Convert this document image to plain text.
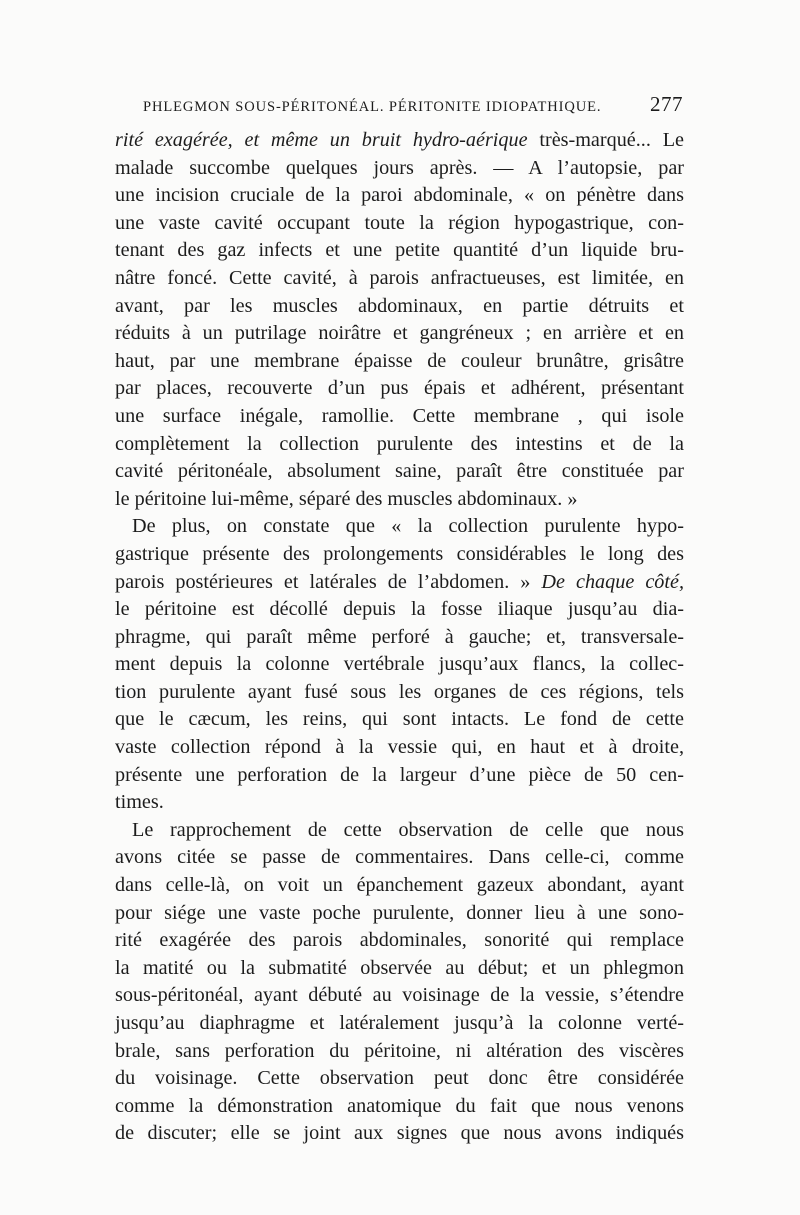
PHLEGMON SOUS-PÉRITONÉAL. PÉRITONITE IDIOPATHIQUE. 277
rité exagérée, et même un bruit hydro-aérique très-marqué... Le
malade succombe quelques jours après. — A l’autopsie, par
une incision cruciale de la paroi abdominale, « on pénètre dans
une vaste cavité occupant toute la région hypogastrique, con-
tenant des gaz infects et une petite quantité d’un liquide bru-
nâtre foncé. Cette cavité, à parois anfractueuses, est limitée, en
avant, par les muscles abdominaux, en partie détruits et
réduits à un putrilage noirâtre et gangréneux ; en arrière et en
haut, par une membrane épaisse de couleur brunâtre, grisâtre
par places, recouverte d’un pus épais et adhérent, présentant
une surface inégale, ramollie. Cette membrane , qui isole
complètement la collection purulente des intestins et de la
cavité péritonéale, absolument saine, paraît être constituée par
le péritoine lui-même, séparé des muscles abdominaux. »
De plus, on constate que « la collection purulente hypo-
gastrique présente des prolongements considérables le long des
parois postérieures et latérales de l’abdomen. » De chaque côté,
le péritoine est décollé depuis la fosse iliaque jusqu’au dia-
phragme, qui paraît même perforé à gauche; et, transversale-
ment depuis la colonne vertébrale jusqu’aux flancs, la collec-
tion purulente ayant fusé sous les organes de ces régions, tels
que le cæcum, les reins, qui sont intacts. Le fond de cette
vaste collection répond à la vessie qui, en haut et à droite,
présente une perforation de la largeur d’une pièce de 50 cen-
times.
Le rapprochement de cette observation de celle que nous
avons citée se passe de commentaires. Dans celle-ci, comme
dans celle-là, on voit un épanchement gazeux abondant, ayant
pour siége une vaste poche purulente, donner lieu à une sono-
rité exagérée des parois abdominales, sonorité qui remplace
la matité ou la submatité observée au début; et un phlegmon
sous-péritonéal, ayant débuté au voisinage de la vessie, s’étendre
jusqu’au diaphragme et latéralement jusqu’à la colonne verté-
brale, sans perforation du péritoine, ni altération des viscères
du voisinage. Cette observation peut donc être considérée
comme la démonstration anatomique du fait que nous venons
de discuter; elle se joint aux signes que nous avons indiqués
